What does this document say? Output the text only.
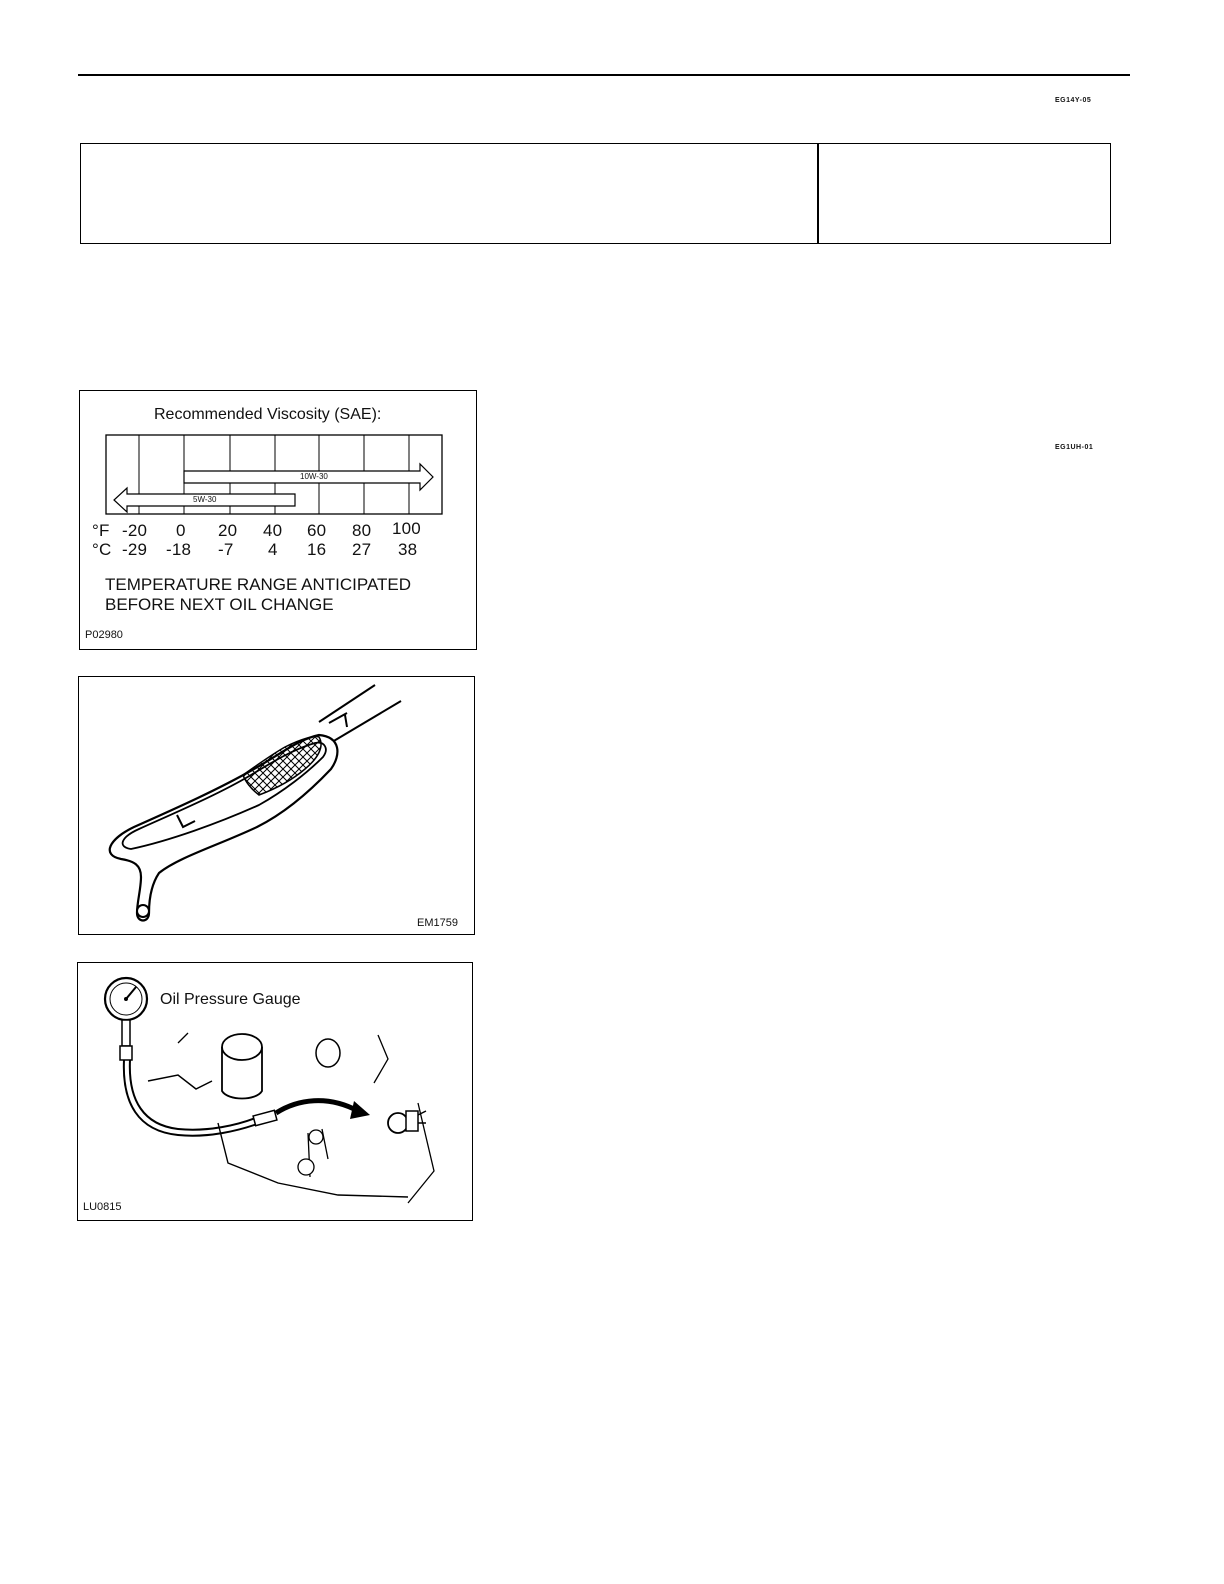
EG14Y-05
EG1UH-01
Recommended Viscosity (SAE):
10W-30
5W-30
°F -20 0 20 40 60 80 100
°C -29 -18 -7 4 16 27 38
TEMPERATURE RANGE ANTICIPATED
BEFORE NEXT OIL CHANGE
P02980
EM1759
Oil Pressure Gauge
LU0815
